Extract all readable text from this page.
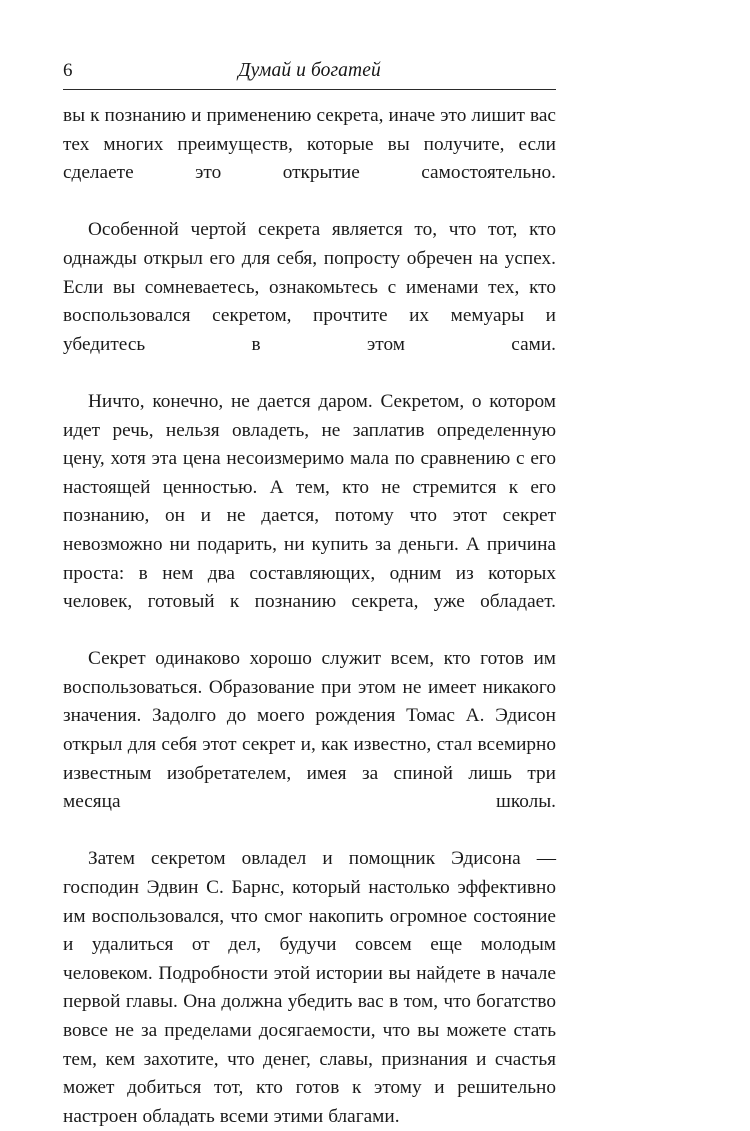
6	Думай и богатей

вы к познанию и применению секрета, иначе это лишит вас тех многих преимуществ, которые вы получите, если сделаете это открытие самостоятельно.

Особенной чертой секрета является то, что тот, кто однажды открыл его для себя, попросту обречен на успех. Если вы сомневаетесь, ознакомьтесь с именами тех, кто воспользовался секретом, прочтите их мемуары и убедитесь в этом сами.

Ничто, конечно, не дается даром. Секретом, о котором идет речь, нельзя овладеть, не заплатив определенную цену, хотя эта цена несоизмеримо мала по сравнению с его настоящей ценностью. А тем, кто не стремится к его познанию, он и не дается, потому что этот секрет невозможно ни подарить, ни купить за деньги. А причина проста: в нем два составляющих, одним из которых человек, готовый к познанию секрета, уже обладает.

Секрет одинаково хорошо служит всем, кто готов им воспользоваться. Образование при этом не имеет никакого значения. Задолго до моего рождения Томас А. Эдисон открыл для себя этот секрет и, как известно, стал всемирно известным изобретателем, имея за спиной лишь три месяца школы.

Затем секретом овладел и помощник Эдисона — господин Эдвин С. Барнс, который настолько эффективно им воспользовался, что смог накопить огромное состояние и удалиться от дел, будучи совсем еще молодым человеком. Подробности этой истории вы найдете в начале первой главы. Она должна убедить вас в том, что богатство вовсе не за пределами досягаемости, что вы можете стать тем, кем захотите, что денег, славы, признания и счастья может добиться тот, кто готов к этому и решительно настроен обладать всеми этими благами.
